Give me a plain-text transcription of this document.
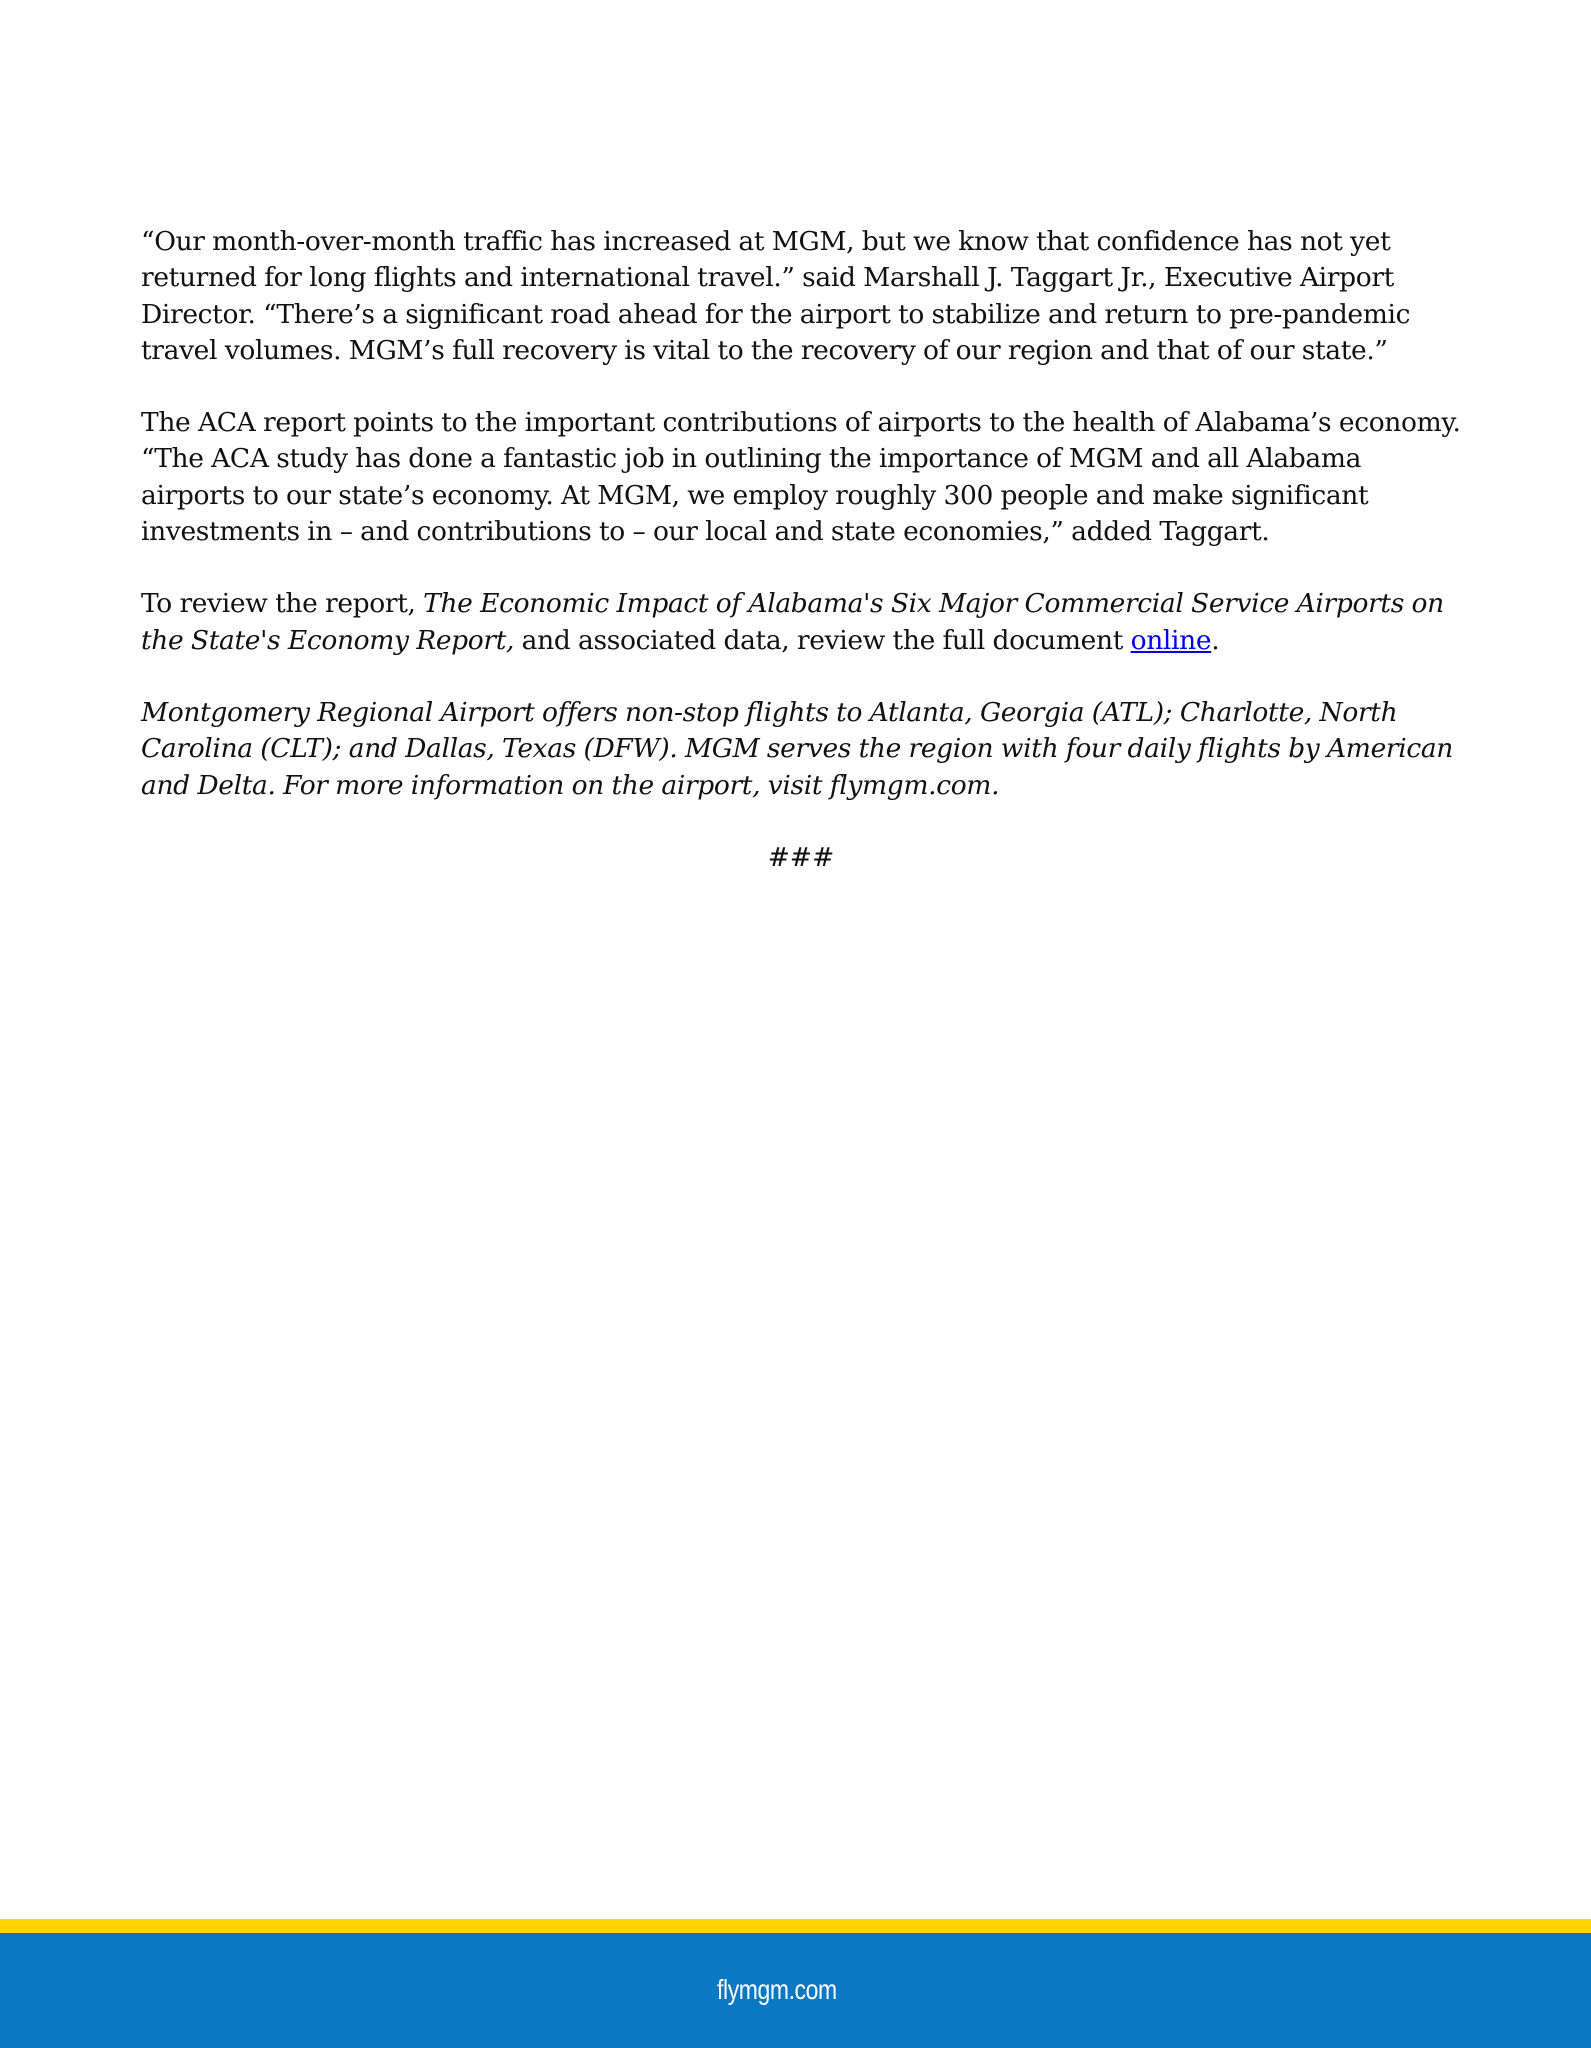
“Our month-over-month traffic has increased at MGM, but we know that confidence has not yet returned for long flights and international travel.” said Marshall J. Taggart Jr., Executive Airport Director. “There’s a significant road ahead for the airport to stabilize and return to pre-pandemic travel volumes. MGM’s full recovery is vital to the recovery of our region and that of our state.”

The ACA report points to the important contributions of airports to the health of Alabama’s economy. “The ACA study has done a fantastic job in outlining the importance of MGM and all Alabama airports to our state’s economy. At MGM, we employ roughly 300 people and make significant investments in – and contributions to – our local and state economies,” added Taggart.

To review the report, The Economic Impact of Alabama's Six Major Commercial Service Airports on the State's Economy Report, and associated data, review the full document online.

Montgomery Regional Airport offers non-stop flights to Atlanta, Georgia (ATL); Charlotte, North Carolina (CLT); and Dallas, Texas (DFW). MGM serves the region with four daily flights by American and Delta. For more information on the airport, visit flymgm.com.

###

flymgm.com
